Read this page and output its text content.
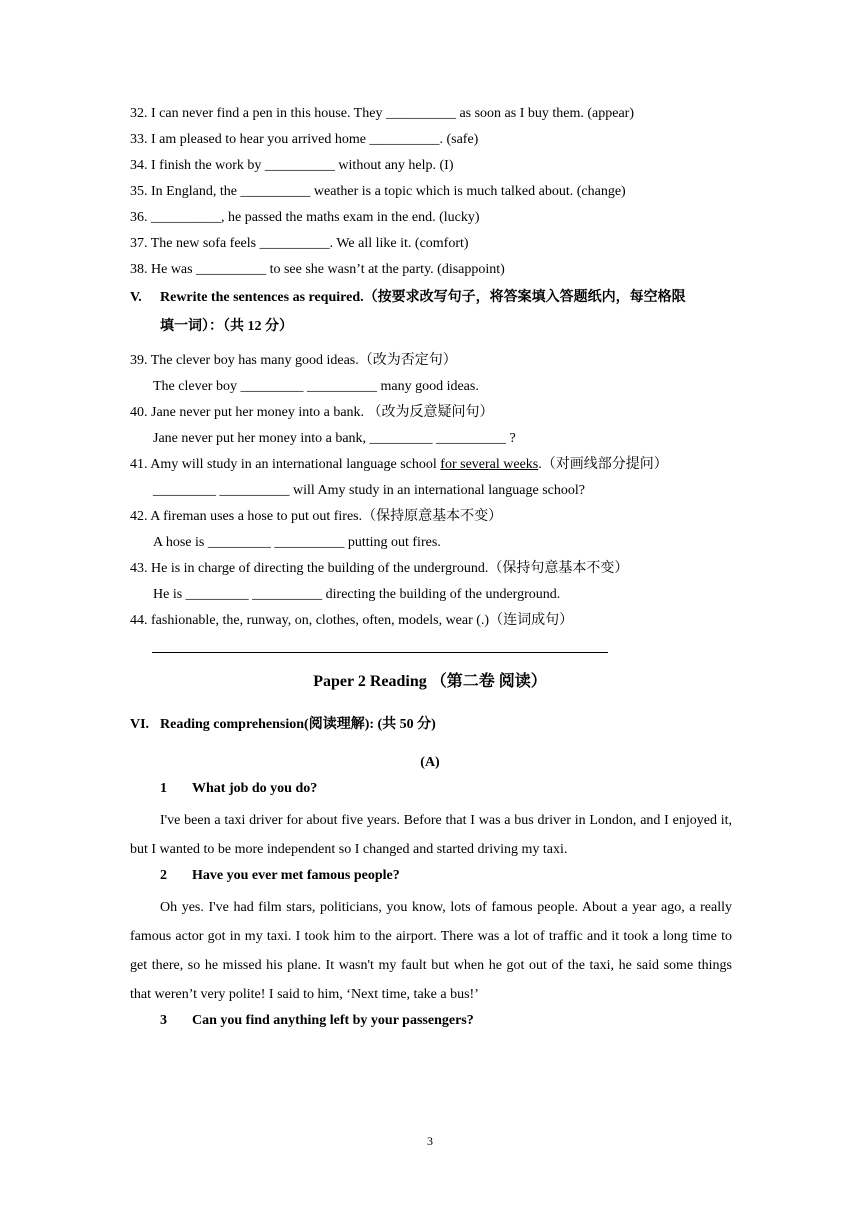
32. I can never find a pen in this house. They __________ as soon as I buy them. (appear)
33. I am pleased to hear you arrived home __________. (safe)
34. I finish the work by __________ without any help. (I)
35. In England, the __________ weather is a topic which is much talked about. (change)
36. __________, he passed the maths exam in the end. (lucky)
37. The new sofa feels __________. We all like it. (comfort)
38. He was __________ to see she wasn’t at the party. (disappoint)
V. Rewrite the sentences as required.（按要求改写句子，将答案填入答题纸内，每空格限
填一词）：（共 12 分）
39. The clever boy has many good ideas.（改为否定句）
The clever boy _________ __________ many good ideas.
40. Jane never put her money into a bank. （改为反意疑问句）
Jane never put her money into a bank, _________ __________ ?
41. Amy will study in an international language school for several weeks.（对画线部分提问）
_________ __________ will Amy study in an international language school?
42. A fireman uses a hose to put out fires.（保持原意基本不变）
A hose is _________ __________ putting out fires.
43. He is in charge of directing the building of the underground.（保持句意基本不变）
He is _________ __________ directing the building of the underground.
44. fashionable, the, runway, on, clothes, often, models, wear (.)（连词成句）
Paper 2 Reading （第二卷 阅读）
VI. Reading comprehension(阅读理解): (共 50 分)
(A)
1 What job do you do?
I've been a taxi driver for about five years. Before that I was a bus driver in London, and I enjoyed it, but I wanted to be more independent so I changed and started driving my taxi.
2 Have you ever met famous people?
Oh yes. I've had film stars, politicians, you know, lots of famous people. About a year ago, a really famous actor got in my taxi. I took him to the airport. There was a lot of traffic and it took a long time to get there, so he missed his plane. It wasn't my fault but when he got out of the taxi, he said some things that weren’t very polite! I said to him, ‘Next time, take a bus!’
3 Can you find anything left by your passengers?
3
